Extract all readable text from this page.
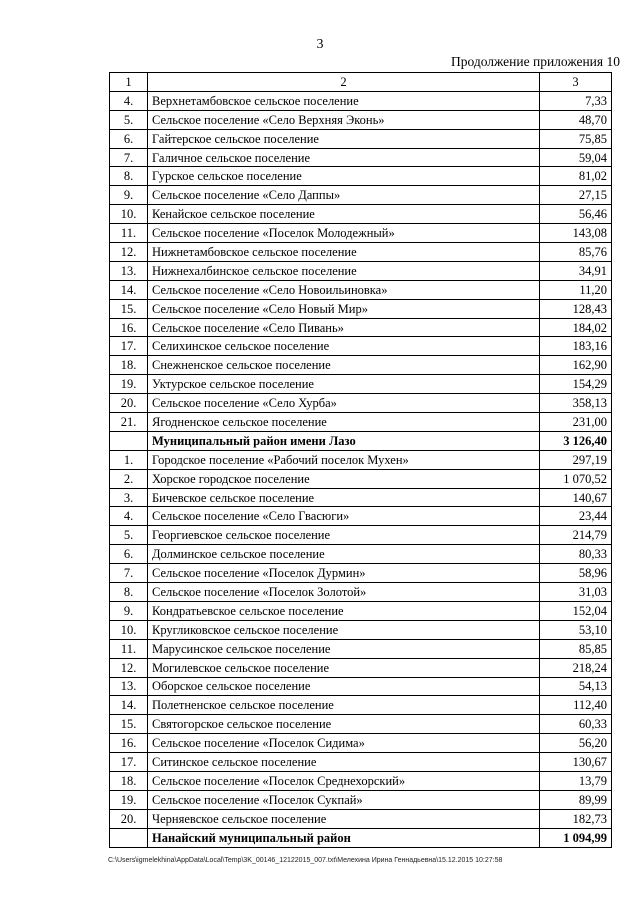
3
Продолжение приложения 10
1	2	3
4.	Верхнетамбовское сельское поселение	7,33
5.	Сельское поселение «Село Верхняя Эконь»	48,70
6.	Гайтерское сельское поселение	75,85
7.	Галичное сельское поселение	59,04
8.	Гурское сельское поселение	81,02
9.	Сельское поселение «Село Даппы»	27,15
10.	Кенайское сельское поселение	56,46
11.	Сельское поселение «Поселок Молодежный»	143,08
12.	Нижнетамбовское сельское поселение	85,76
13.	Нижнехалбинское сельское поселение	34,91
14.	Сельское поселение «Село Новоильиновка»	11,20
15.	Сельское поселение «Село Новый Мир»	128,43
16.	Сельское поселение «Село Пивань»	184,02
17.	Селихинское сельское поселение	183,16
18.	Снежненское сельское поселение	162,90
19.	Уктурское сельское поселение	154,29
20.	Сельское поселение «Село Хурба»	358,13
21.	Ягодненское сельское поселение	231,00
	Муниципальный район имени Лазо	3 126,40
1.	Городское поселение «Рабочий поселок Мухен»	297,19
2.	Хорское городское поселение	1 070,52
3.	Бичевское сельское поселение	140,67
4.	Сельское поселение «Село Гвасюги»	23,44
5.	Георгиевское сельское поселение	214,79
6.	Долминское сельское поселение	80,33
7.	Сельское поселение «Поселок Дурмин»	58,96
8.	Сельское поселение «Поселок Золотой»	31,03
9.	Кондратьевское сельское поселение	152,04
10.	Кругликовское сельское поселение	53,10
11.	Марусинское сельское поселение	85,85
12.	Могилевское сельское поселение	218,24
13.	Оборское сельское поселение	54,13
14.	Полетненское сельское поселение	112,40
15.	Святогорское сельское поселение	60,33
16.	Сельское поселение «Поселок Сидима»	56,20
17.	Ситинское сельское поселение	130,67
18.	Сельское поселение «Поселок Среднехорский»	13,79
19.	Сельское поселение «Поселок Сукпай»	89,99
20.	Черняевское сельское поселение	182,73
	Нанайский муниципальный район	1 094,99
C:\Users\igmelekhina\AppData\Local\Temp\3K_00146_12122015_007.txt\Мелехина Ирина Геннадьевна\15.12.2015 10:27:58
